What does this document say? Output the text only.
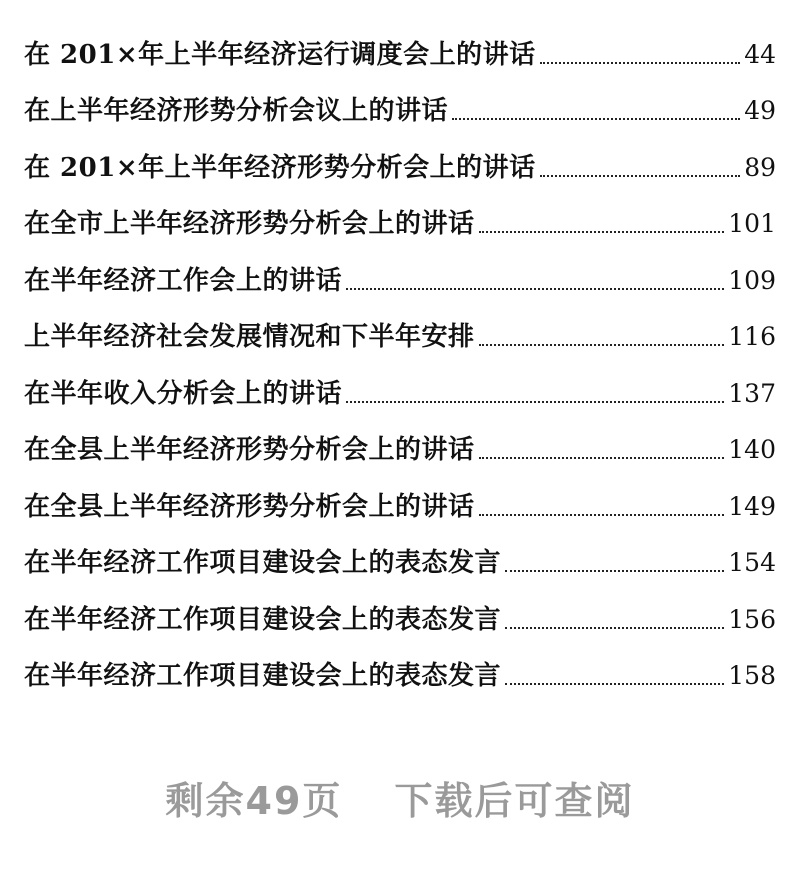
在 201×年上半年经济运行调度会上的讲话	44
在上半年经济形势分析会议上的讲话	49
在 201×年上半年经济形势分析会上的讲话	89
在全市上半年经济形势分析会上的讲话	101
在半年经济工作会上的讲话	109
上半年经济社会发展情况和下半年安排	116
在半年收入分析会上的讲话	137
在全县上半年经济形势分析会上的讲话	140
在全县上半年经济形势分析会上的讲话	149
在半年经济工作项目建设会上的表态发言	154
在半年经济工作项目建设会上的表态发言	156
在半年经济工作项目建设会上的表态发言	158
剩余49页 下载后可查阅
